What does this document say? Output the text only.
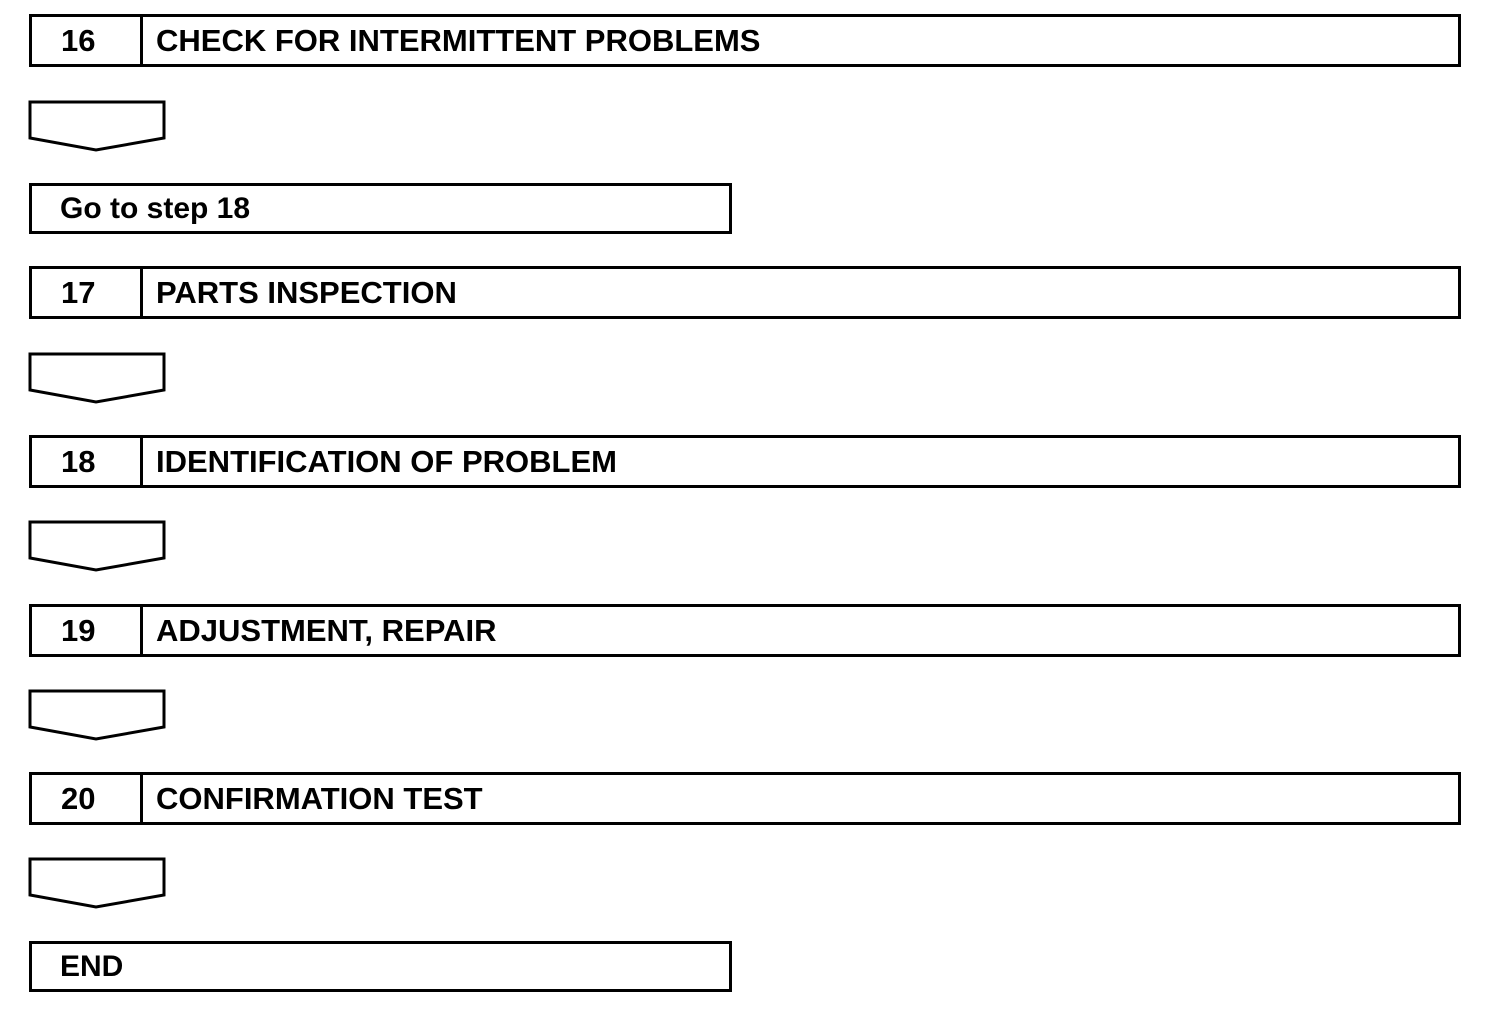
16	CHECK FOR INTERMITTENT PROBLEMS
Go to step 18
17	PARTS INSPECTION
18	IDENTIFICATION OF PROBLEM
19	ADJUSTMENT, REPAIR
20	CONFIRMATION TEST
END
